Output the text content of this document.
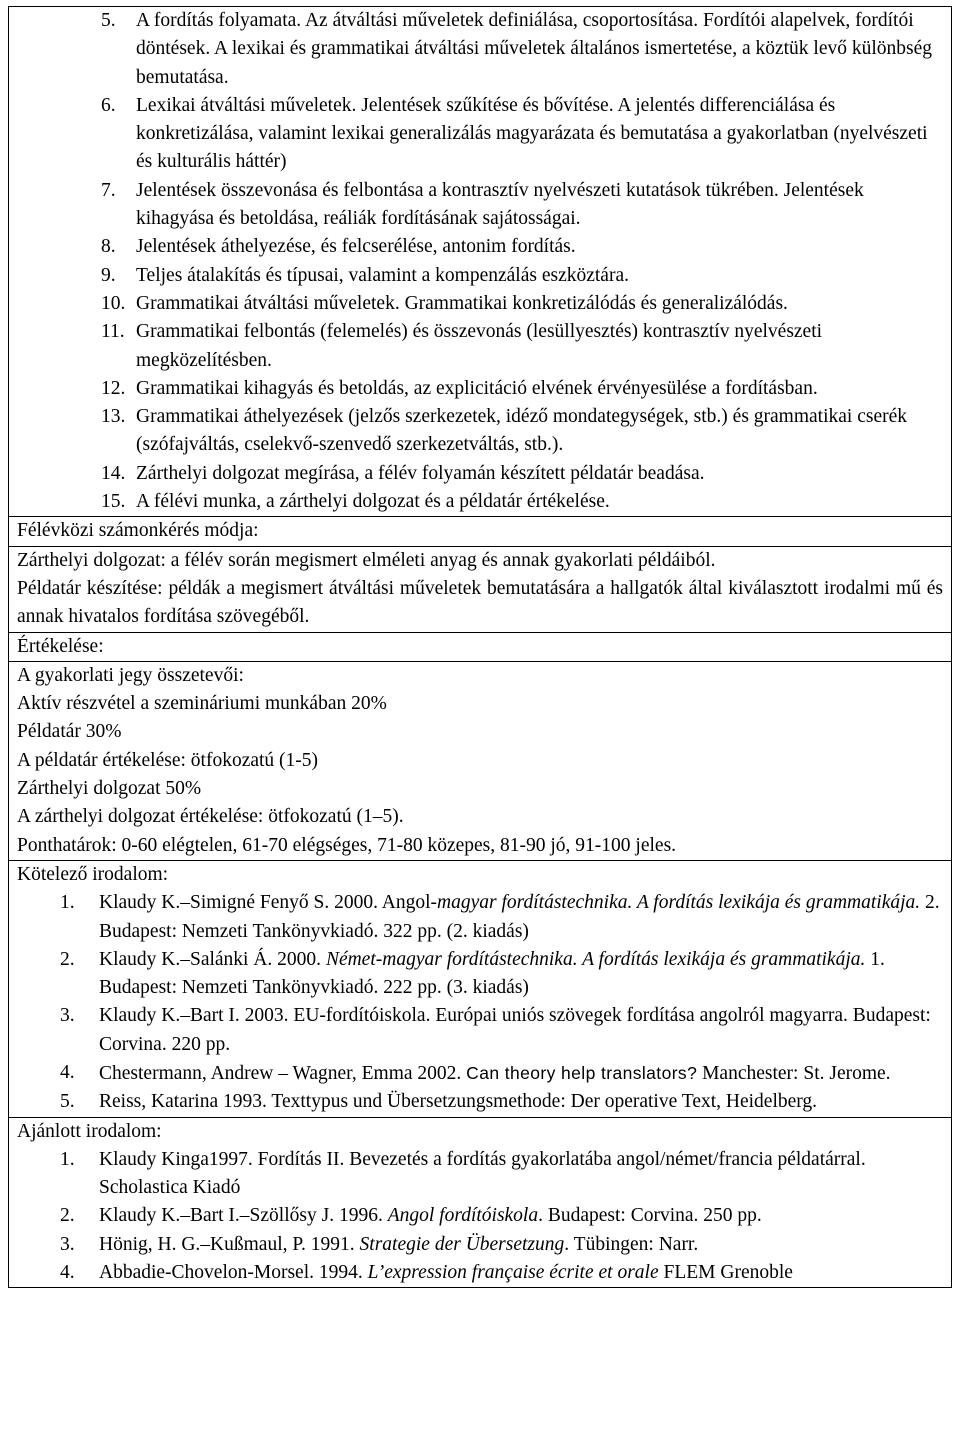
5.	A fordítás folyamata. Az átváltási műveletek definiálása, csoportosítása. Fordítói alapelvek, fordítói döntések. A lexikai és grammatikai átváltási műveletek általános ismertetése, a köztük levő különbség bemutatása.
6.	Lexikai átváltási műveletek. Jelentések szűkítése és bővítése. A jelentés differenciálása és konkretizálása, valamint lexikai generalizálás magyarázata és bemutatása a gyakorlatban (nyelvészeti és kulturális háttér)
7.	Jelentések összevonása és felbontása a kontrasztív nyelvészeti kutatások tükrében. Jelentések kihagyása és betoldása, reáliák fordításának sajátosságai.
8.	Jelentések áthelyezése, és felcserélése, antonim fordítás.
9.	Teljes átalakítás és típusai, valamint a kompenzálás eszköztára.
10. Grammatikai átváltási műveletek. Grammatikai konkretizálódás és generalizálódás.
11. Grammatikai felbontás (felemelés) és összevonás (lesüllyesztés) kontrasztív nyelvészeti megközelítésben.
12. Grammatikai kihagyás és betoldás, az explicitáció elvének érvényesülése a fordításban.
13. Grammatikai áthelyezések (jelzős szerkezetek, idéző mondategységek, stb.) és grammatikai cserék (szófajváltás, cselekvő-szenvedő szerkezetváltás, stb.).
14. Zárthelyi dolgozat megírása, a félév folyamán készített példatár beadása.
15. A félévi munka, a zárthelyi dolgozat és a példatár értékelése.

Félévközi számonkérés módja:

Zárthelyi dolgozat: a félév során megismert elméleti anyag és annak gyakorlati példáiból.

Példatár készítése: példák a megismert átváltási műveletek bemutatására a hallgatók által kiválasztott irodalmi mű és annak hivatalos fordítása szövegéből.

Értékelése:

A gyakorlati jegy összetevői:

Aktív részvétel a szemináriumi munkában 20%

Példatár 30%

A példatár értékelése: ötfokozatú (1-5)

Zárthelyi dolgozat 50%

A zárthelyi dolgozat értékelése: ötfokozatú (1–5).

Ponthatárok: 0-60 elégtelen, 61-70 elégséges, 71-80 közepes, 81-90 jó, 91-100 jeles.

Kötelező irodalom:

1.	Klaudy K.–Simigné Fenyő S. 2000. Angol-magyar fordítástechnika. A fordítás lexikája és grammatikája. 2. Budapest: Nemzeti Tankönyvkiadó. 322 pp. (2. kiadás)
2.	Klaudy K.–Salánki Á. 2000. Német-magyar fordítástechnika. A fordítás lexikája és grammatikája. 1. Budapest: Nemzeti Tankönyvkiadó. 222 pp. (3. kiadás)
3.	Klaudy K.–Bart I. 2003. EU-fordítóiskola. Európai uniós szövegek fordítása angolról magyarra. Budapest: Corvina. 220 pp.
4.	Chestermann, Andrew – Wagner, Emma 2002. Can theory help translators? Manchester: St. Jerome.
5.	Reiss, Katarina 1993. Texttypus und Übersetzungsmethode: Der operative Text, Heidelberg.

Ajánlott irodalom:

1.	Klaudy Kinga1997. Fordítás II. Bevezetés a fordítás gyakorlatába angol/német/francia példatárral. Scholastica Kiadó
2.	Klaudy K.–Bart I.–Szöllősy J. 1996. Angol fordítóiskola. Budapest: Corvina. 250 pp.
3.	Hönig, H. G.–Kußmaul, P. 1991. Strategie der Übersetzung. Tübingen: Narr.
4.	Abbadie-Chovelon-Morsel. 1994. L’expression française écrite et orale FLEM Grenoble
